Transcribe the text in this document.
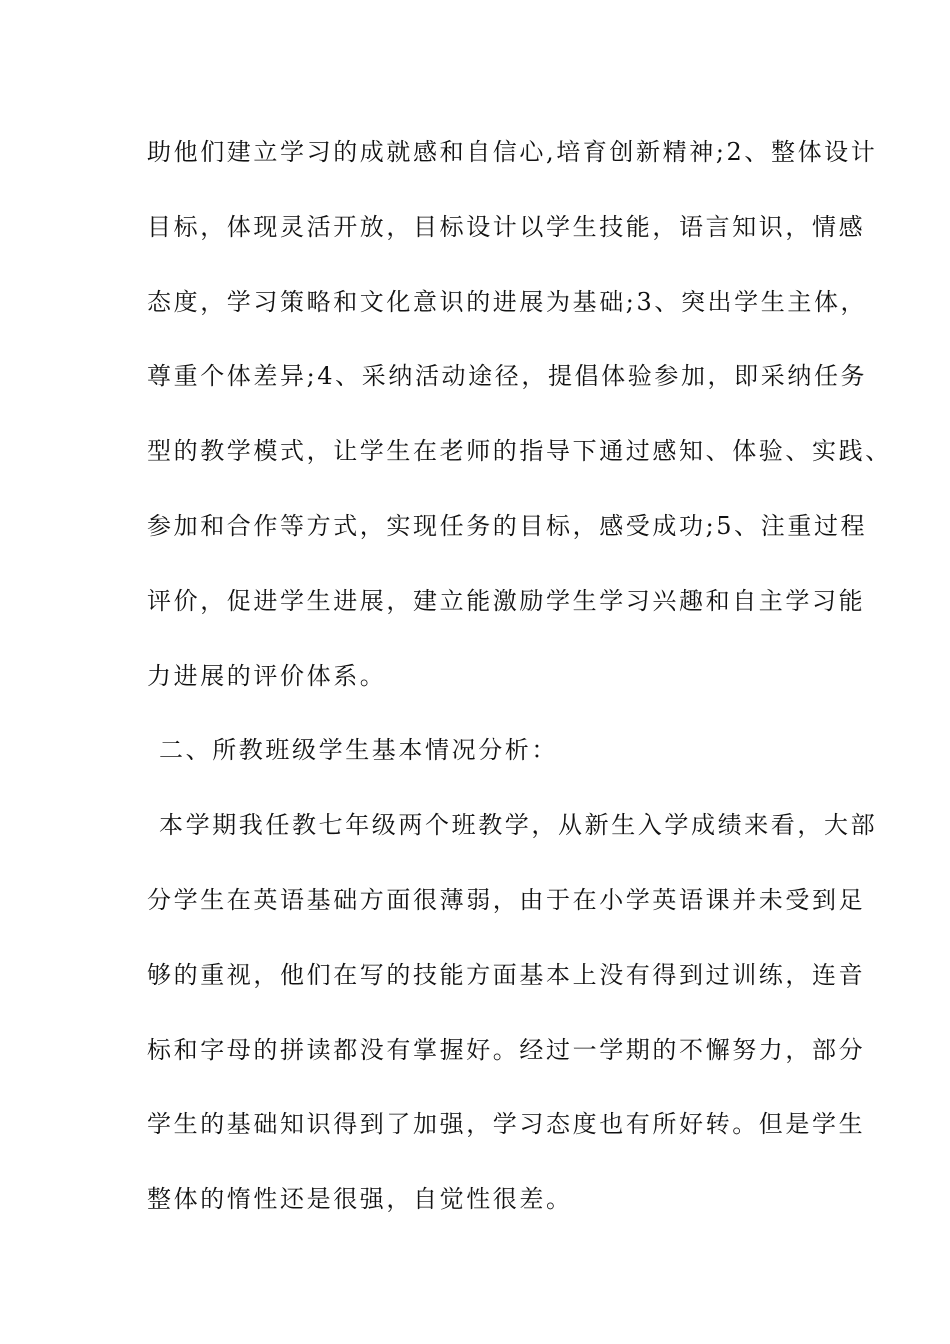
助他们建立学习的成就感和自信心,培育创新精神;2、整体设计
目标，体现灵活开放，目标设计以学生技能，语言知识，情感
态度，学习策略和文化意识的进展为基础;3、突出学生主体，
尊重个体差异;4、采纳活动途径，提倡体验参加，即采纳任务
型的教学模式，让学生在老师的指导下通过感知、体验、实践、
参加和合作等方式，实现任务的目标，感受成功;5、注重过程
评价，促进学生进展，建立能激励学生学习兴趣和自主学习能
力进展的评价体系。
二、所教班级学生基本情况分析：
本学期我任教七年级两个班教学，从新生入学成绩来看，大部
分学生在英语基础方面很薄弱，由于在小学英语课并未受到足
够的重视，他们在写的技能方面基本上没有得到过训练，连音
标和字母的拼读都没有掌握好。经过一学期的不懈努力，部分
学生的基础知识得到了加强，学习态度也有所好转。但是学生
整体的惰性还是很强，自觉性很差。
